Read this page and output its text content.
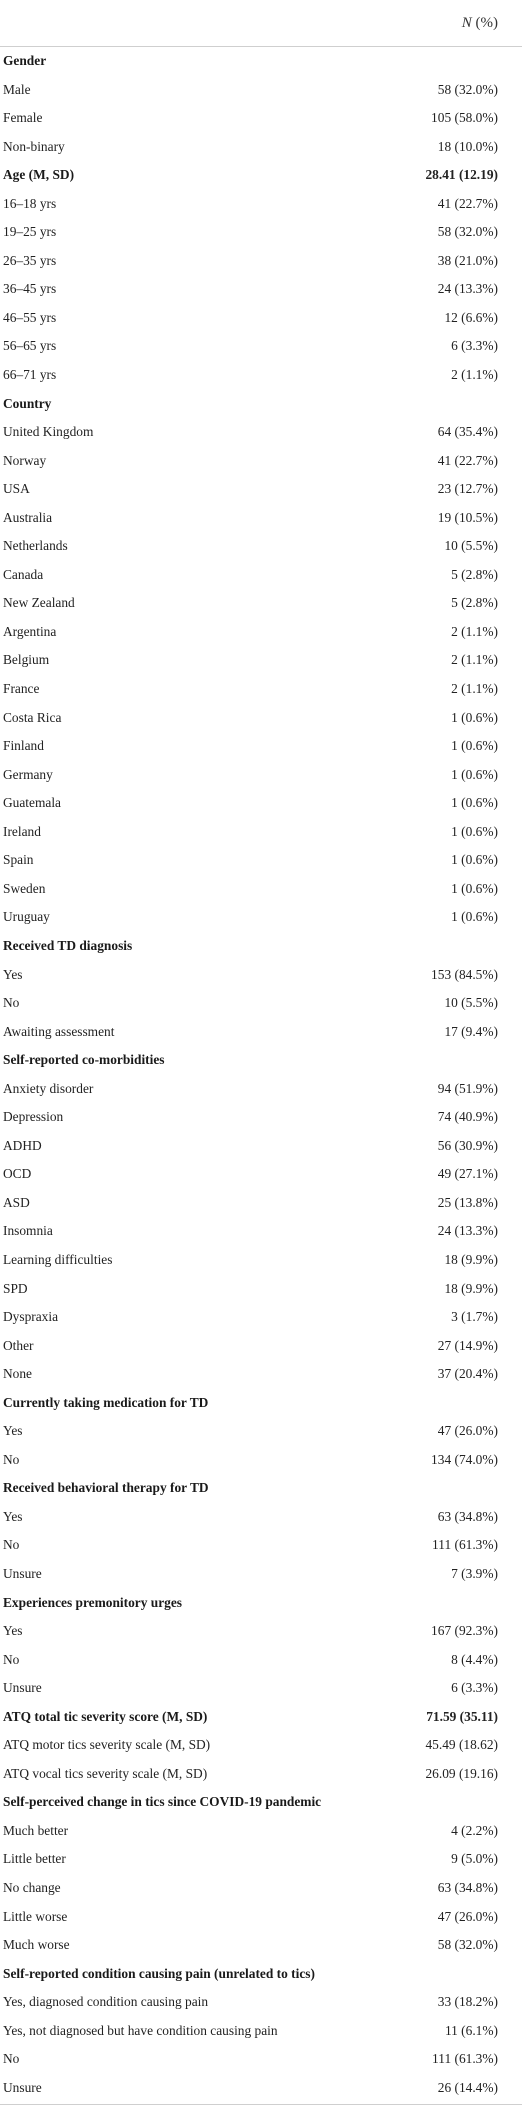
N (%)
Gender
Male	58 (32.0%)
Female	105 (58.0%)
Non-binary	18 (10.0%)
Age (M, SD)	28.41 (12.19)
16–18 yrs	41 (22.7%)
19–25 yrs	58 (32.0%)
26–35 yrs	38 (21.0%)
36–45 yrs	24 (13.3%)
46–55 yrs	12 (6.6%)
56–65 yrs	6 (3.3%)
66–71 yrs	2 (1.1%)
Country
United Kingdom	64 (35.4%)
Norway	41 (22.7%)
USA	23 (12.7%)
Australia	19 (10.5%)
Netherlands	10 (5.5%)
Canada	5 (2.8%)
New Zealand	5 (2.8%)
Argentina	2 (1.1%)
Belgium	2 (1.1%)
France	2 (1.1%)
Costa Rica	1 (0.6%)
Finland	1 (0.6%)
Germany	1 (0.6%)
Guatemala	1 (0.6%)
Ireland	1 (0.6%)
Spain	1 (0.6%)
Sweden	1 (0.6%)
Uruguay	1 (0.6%)
Received TD diagnosis
Yes	153 (84.5%)
No	10 (5.5%)
Awaiting assessment	17 (9.4%)
Self-reported co-morbidities
Anxiety disorder	94 (51.9%)
Depression	74 (40.9%)
ADHD	56 (30.9%)
OCD	49 (27.1%)
ASD	25 (13.8%)
Insomnia	24 (13.3%)
Learning difficulties	18 (9.9%)
SPD	18 (9.9%)
Dyspraxia	3 (1.7%)
Other	27 (14.9%)
None	37 (20.4%)
Currently taking medication for TD
Yes	47 (26.0%)
No	134 (74.0%)
Received behavioral therapy for TD
Yes	63 (34.8%)
No	111 (61.3%)
Unsure	7 (3.9%)
Experiences premonitory urges
Yes	167 (92.3%)
No	8 (4.4%)
Unsure	6 (3.3%)
ATQ total tic severity score (M, SD)	71.59 (35.11)
ATQ motor tics severity scale (M, SD)	45.49 (18.62)
ATQ vocal tics severity scale (M, SD)	26.09 (19.16)
Self-perceived change in tics since COVID-19 pandemic
Much better	4 (2.2%)
Little better	9 (5.0%)
No change	63 (34.8%)
Little worse	47 (26.0%)
Much worse	58 (32.0%)
Self-reported condition causing pain (unrelated to tics)
Yes, diagnosed condition causing pain	33 (18.2%)
Yes, not diagnosed but have condition causing pain	11 (6.1%)
No	111 (61.3%)
Unsure	26 (14.4%)
